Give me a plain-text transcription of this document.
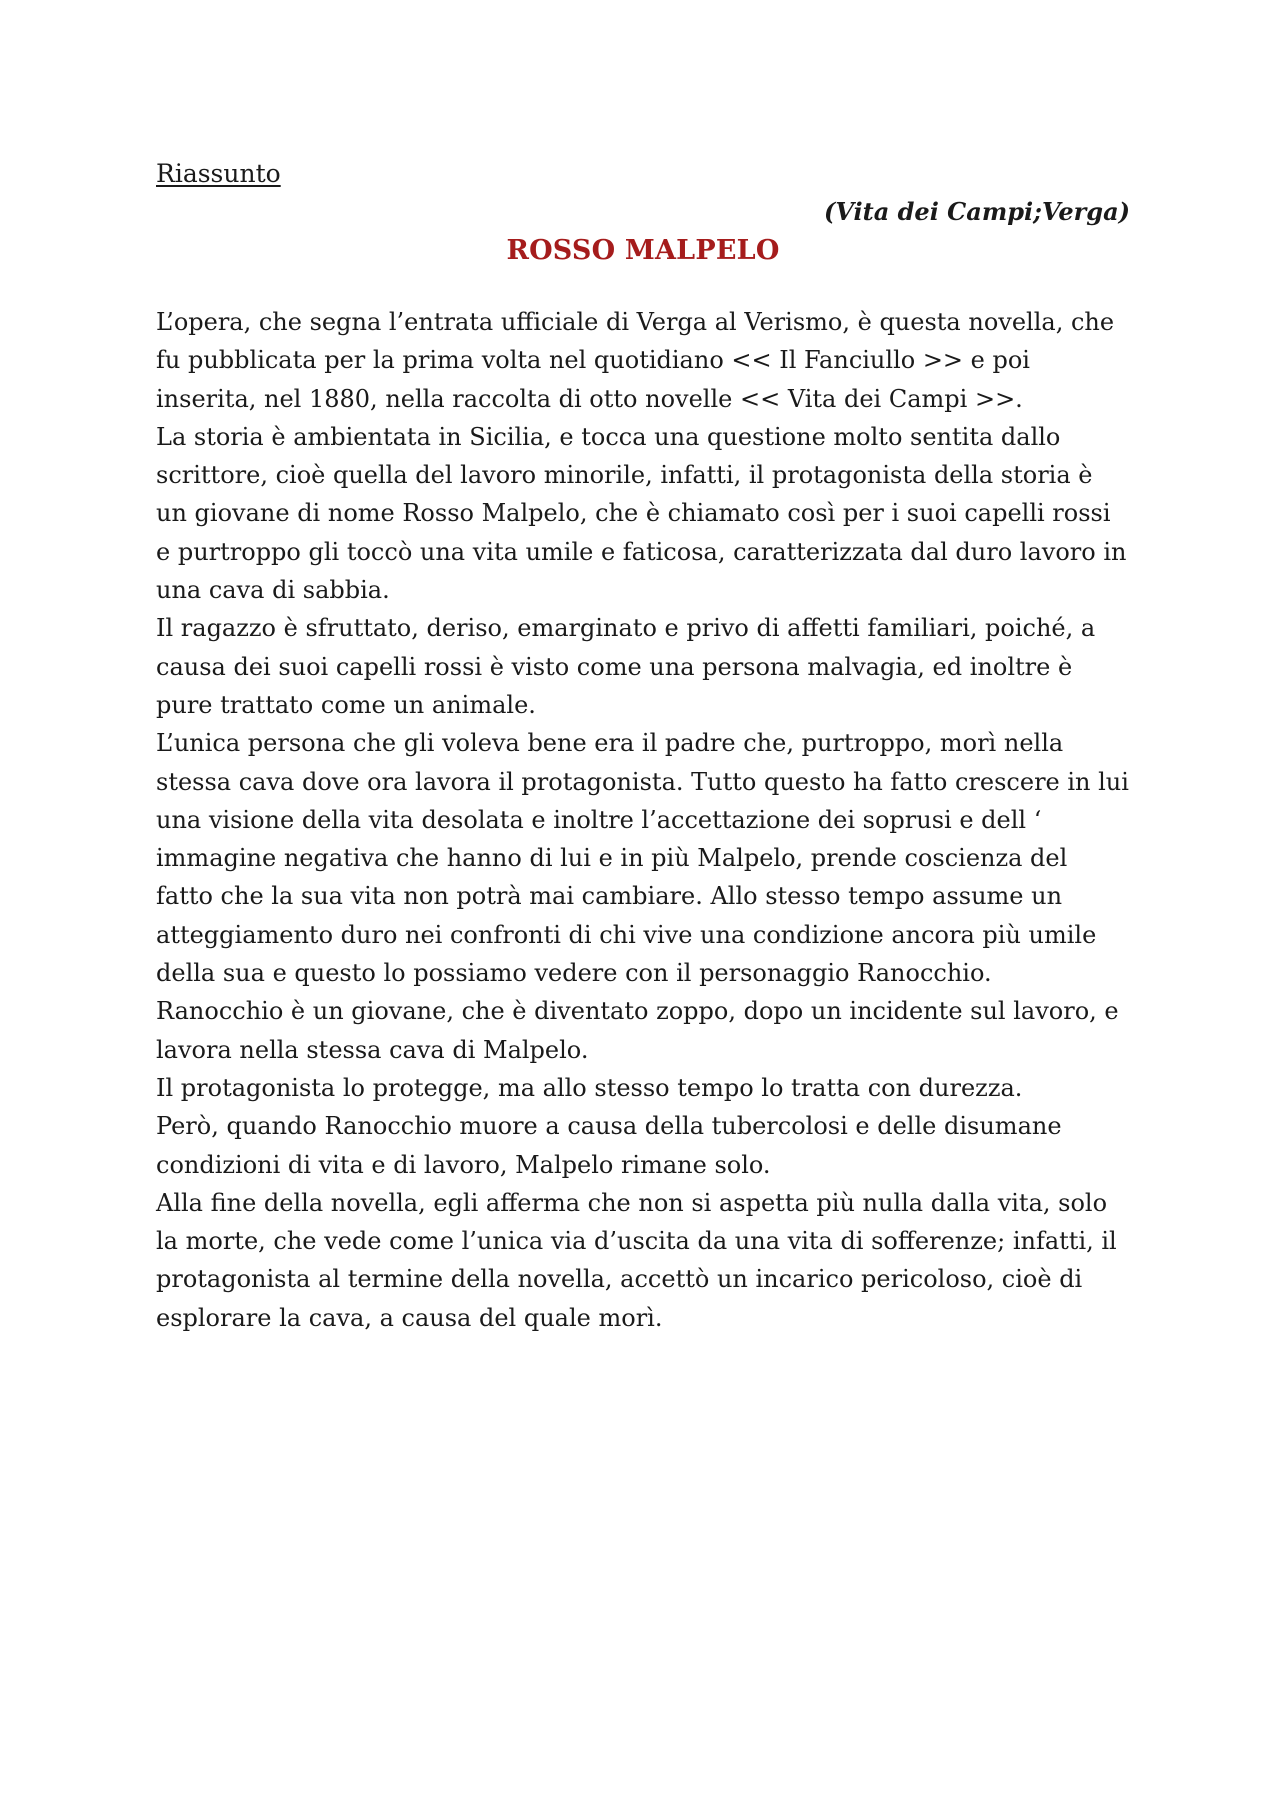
Riassunto

(Vita dei Campi;Verga)

ROSSO MALPELO

L’opera, che segna l’entrata ufficiale di Verga al Verismo, è questa novella, che fu pubblicata per la prima volta nel quotidiano << Il Fanciullo >> e poi inserita, nel 1880, nella raccolta di otto novelle << Vita dei Campi >>.

La storia è ambientata in Sicilia, e tocca una questione molto sentita dallo scrittore, cioè quella del lavoro minorile, infatti, il protagonista della storia è un giovane di nome Rosso Malpelo, che è chiamato così per i suoi capelli rossi e purtroppo gli toccò una vita umile e faticosa, caratterizzata dal duro lavoro in una cava di sabbia.

Il ragazzo è sfruttato, deriso, emarginato e privo di affetti familiari, poiché, a causa dei suoi capelli rossi è visto come una persona malvagia, ed inoltre è pure trattato come un animale.

L’unica persona che gli voleva bene era il padre che, purtroppo, morì nella stessa cava dove ora lavora il protagonista. Tutto questo ha fatto crescere in lui una visione della vita desolata e inoltre l’accettazione dei soprusi e dell ‘ immagine negativa che hanno di lui e in più Malpelo, prende coscienza del fatto che la sua vita non potrà mai cambiare. Allo stesso tempo assume un atteggiamento duro nei confronti di chi vive una condizione ancora più umile della sua e questo lo possiamo vedere con il personaggio Ranocchio.

Ranocchio è un giovane, che è diventato zoppo, dopo un incidente sul lavoro, e lavora nella stessa cava di Malpelo.

Il protagonista lo protegge, ma allo stesso tempo lo tratta con durezza.

Però, quando Ranocchio muore a causa della tubercolosi e delle disumane condizioni di vita e di lavoro, Malpelo rimane solo.

Alla fine della novella, egli afferma che non si aspetta più nulla dalla vita, solo la morte, che vede come l’unica via d’uscita da una vita di sofferenze; infatti, il protagonista al termine della novella, accettò un incarico pericoloso, cioè di esplorare la cava, a causa del quale morì.
